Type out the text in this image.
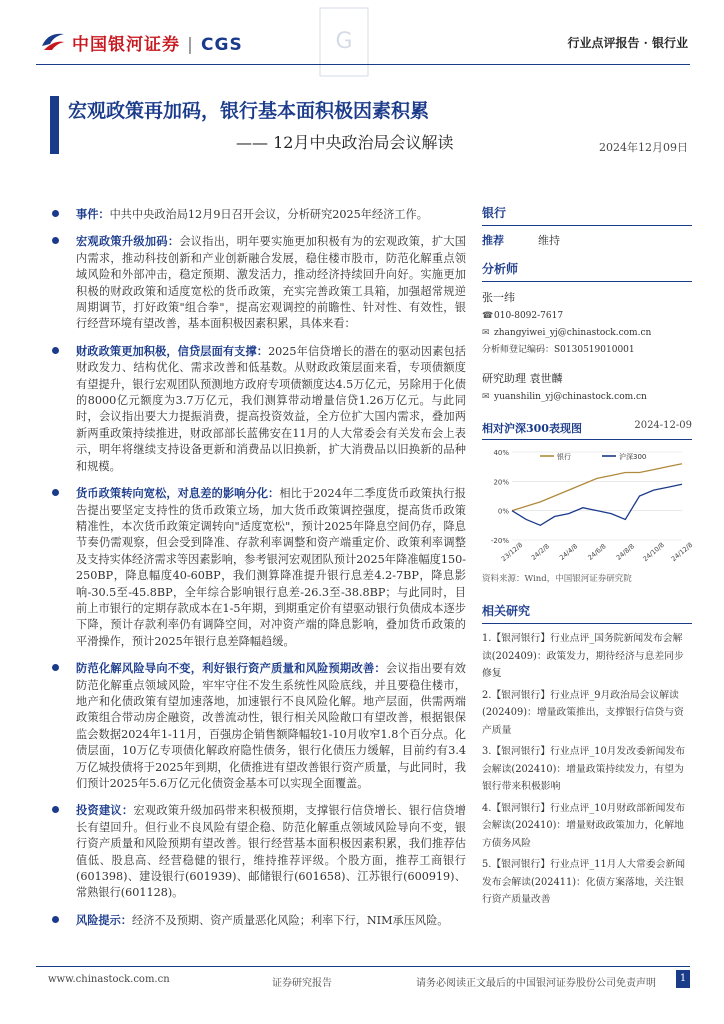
中国银河证券 | CGS	G	行业点评报告 · 银行业
宏观政策再加码，银行基本面积极因素积累
—— 12月中央政治局会议解读	2024年12月09日
事件：中共中央政治局12月9日召开会议，分析研究2025年经济工作。
宏观政策升级加码：会议指出，明年要实施更加积极有为的宏观政策，扩大国内需求，推动科技创新和产业创新融合发展，稳住楼市股市，防范化解重点领域风险和外部冲击，稳定预期、激发活力，推动经济持续回升向好。实施更加积极的财政政策和适度宽松的货币政策，充实完善政策工具箱，加强超常规逆周期调节，打好政策"组合拳"，提高宏观调控的前瞻性、针对性、有效性，银行经营环境有望改善，基本面积极因素积累，具体来看：
财政政策更加积极，信贷层面有支撑：2025年信贷增长的潜在的驱动因素包括财政发力、结构优化、需求改善和低基数。从财政政策层面来看，专项债额度有望提升，银行宏观团队预测地方政府专项债额度达4.5万亿元，另除用于化债的8000亿元额度为3.7万亿元，我们测算带动增量信贷1.26万亿元。与此同时，会议指出要大力提振消费，提高投资效益，全方位扩大国内需求，叠加两新两重政策持续推进，财政部部长蓝佛安在11月的人大常委会有关发布会上表示，明年将继续支持设备更新和消费品以旧换新，扩大消费品以旧换新的品种和规模。
货币政策转向宽松，对息差的影响分化：相比于2024年二季度货币政策执行报告提出要坚定支持性的货币政策立场，加大货币政策调控强度，提高货币政策精准性，本次货币政策定调转向"适度宽松"，预计2025年降息空间仍存，降息节奏仍需观察，但会受到降准、存款利率调整和资产端重定价、政策利率调整及支持实体经济需求等因素影响，参考银河宏观团队预计2025年降准幅度150-250BP，降息幅度40-60BP，我们测算降准提升银行息差4.2-7BP，降息影响-30.5至-45.8BP，全年综合影响银行息差-26.3至-38.8BP；与此同时，目前上市银行的定期存款成本在1-5年期，到期重定价有望驱动银行负债成本逐步下降，预计存款利率仍有调降空间，对冲资产端的降息影响，叠加货币政策的平滑操作，预计2025年银行息差降幅趋缓。
防范化解风险导向不变，利好银行资产质量和风险预期改善：会议指出要有效防范化解重点领域风险，牢牢守住不发生系统性风险底线，并且要稳住楼市，地产和化债政策有望加速落地，加速银行不良风险化解。地产层面，供需两端政策组合带动房企融资，改善流动性，银行相关风险敞口有望改善，根据银保监会数据2024年1-11月，百强房企销售额降幅较1-10月收窄1.8个百分点。化债层面，10万亿专项债化解政府隐性债务，银行化债压力缓解，目前约有3.4万亿城投债将于2025年到期，化债推进有望改善银行资产质量，与此同时，我们预计2025年5.6万亿元化债资金基本可以实现全面覆盖。
投资建议：宏观政策升级加码带来积极预期，支撑银行信贷增长、银行信贷增长有望回升。但行业不良风险有望企稳、防范化解重点领域风险导向不变，银行资产质量和风险预期有望改善。银行经营基本面积极因素积累，我们推荐估值低、股息高、经营稳健的银行，维持推荐评级。个股方面，推荐工商银行(601398)、建设银行(601939)、邮储银行(601658)、江苏银行(600919)、常熟银行(601128)。
风险提示：经济不及预期、资产质量恶化风险；利率下行，NIM承压风险。
银行
推荐	维持
分析师
张一纬
☎010-8092-7617
✉ zhangyiwei_yj@chinastock.com.cn
分析师登记编码：S0130519010001
研究助理 袁世麟
✉ yuanshilin_yj@chinastock.com.cn
相对沪深300表现图	2024-12-09
40%
20%
0%
-20%
23/12/8 24/2/8 24/4/8 24/6/8 24/8/8 24/10/8 24/12/8
银行	沪深300
资料来源：Wind，中国银河证券研究院
相关研究
1.【银河银行】行业点评_国务院新闻发布会解读(202409)：政策发力，期待经济与息差同步修复
2.【银河银行】行业点评_9月政治局会议解读(202409)：增量政策推出，支撑银行信贷与资产质量
3.【银河银行】行业点评_10月发改委新闻发布会解读(202410)：增量政策持续发力，有望为银行带来积极影响
4.【银河银行】行业点评_10月财政部新闻发布会解读(202410)：增量财政政策加力，化解地方债务风险
5.【银河银行】行业点评_11月人大常委会新闻发布会解读(202411)：化债方案落地，关注银行资产质量改善
www.chinastock.com.cn	证券研究报告	请务必阅读正文最后的中国银河证券股份公司免责声明	1
